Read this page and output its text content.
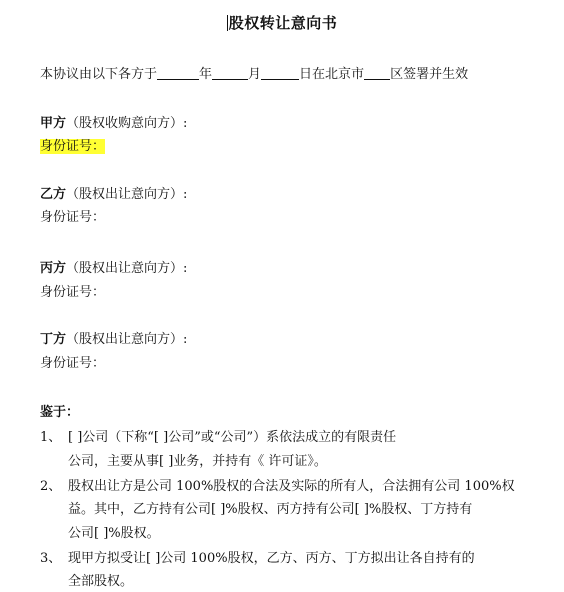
股权转让意向书
本协议由以下各方于	年	月	日在北京市 区签署并生效
甲方（股权收购意向方）:
身份证号：
乙方（股权出让意向方）:
身份证号：
丙方（股权出让意向方）:
身份证号：
丁方（股权出让意向方）:
身份证号：
鉴于：
1、 [ ]公司（下称“[ ]公司”或“公司”）系依法成立的有限责任
公司，主要从事[ ]业务，并持有《 许可证》。
2、 股权出让方是公司 100%股权的合法及实际的所有人，合法拥有公司 100%权
益。其中，乙方持有公司[ ]%股权、丙方持有公司[ ]%股权、丁方持有
公司[ ]%股权。
3、 现甲方拟受让[ ]公司 100%股权，乙方、丙方、丁方拟出让各自持有的
全部股权。
